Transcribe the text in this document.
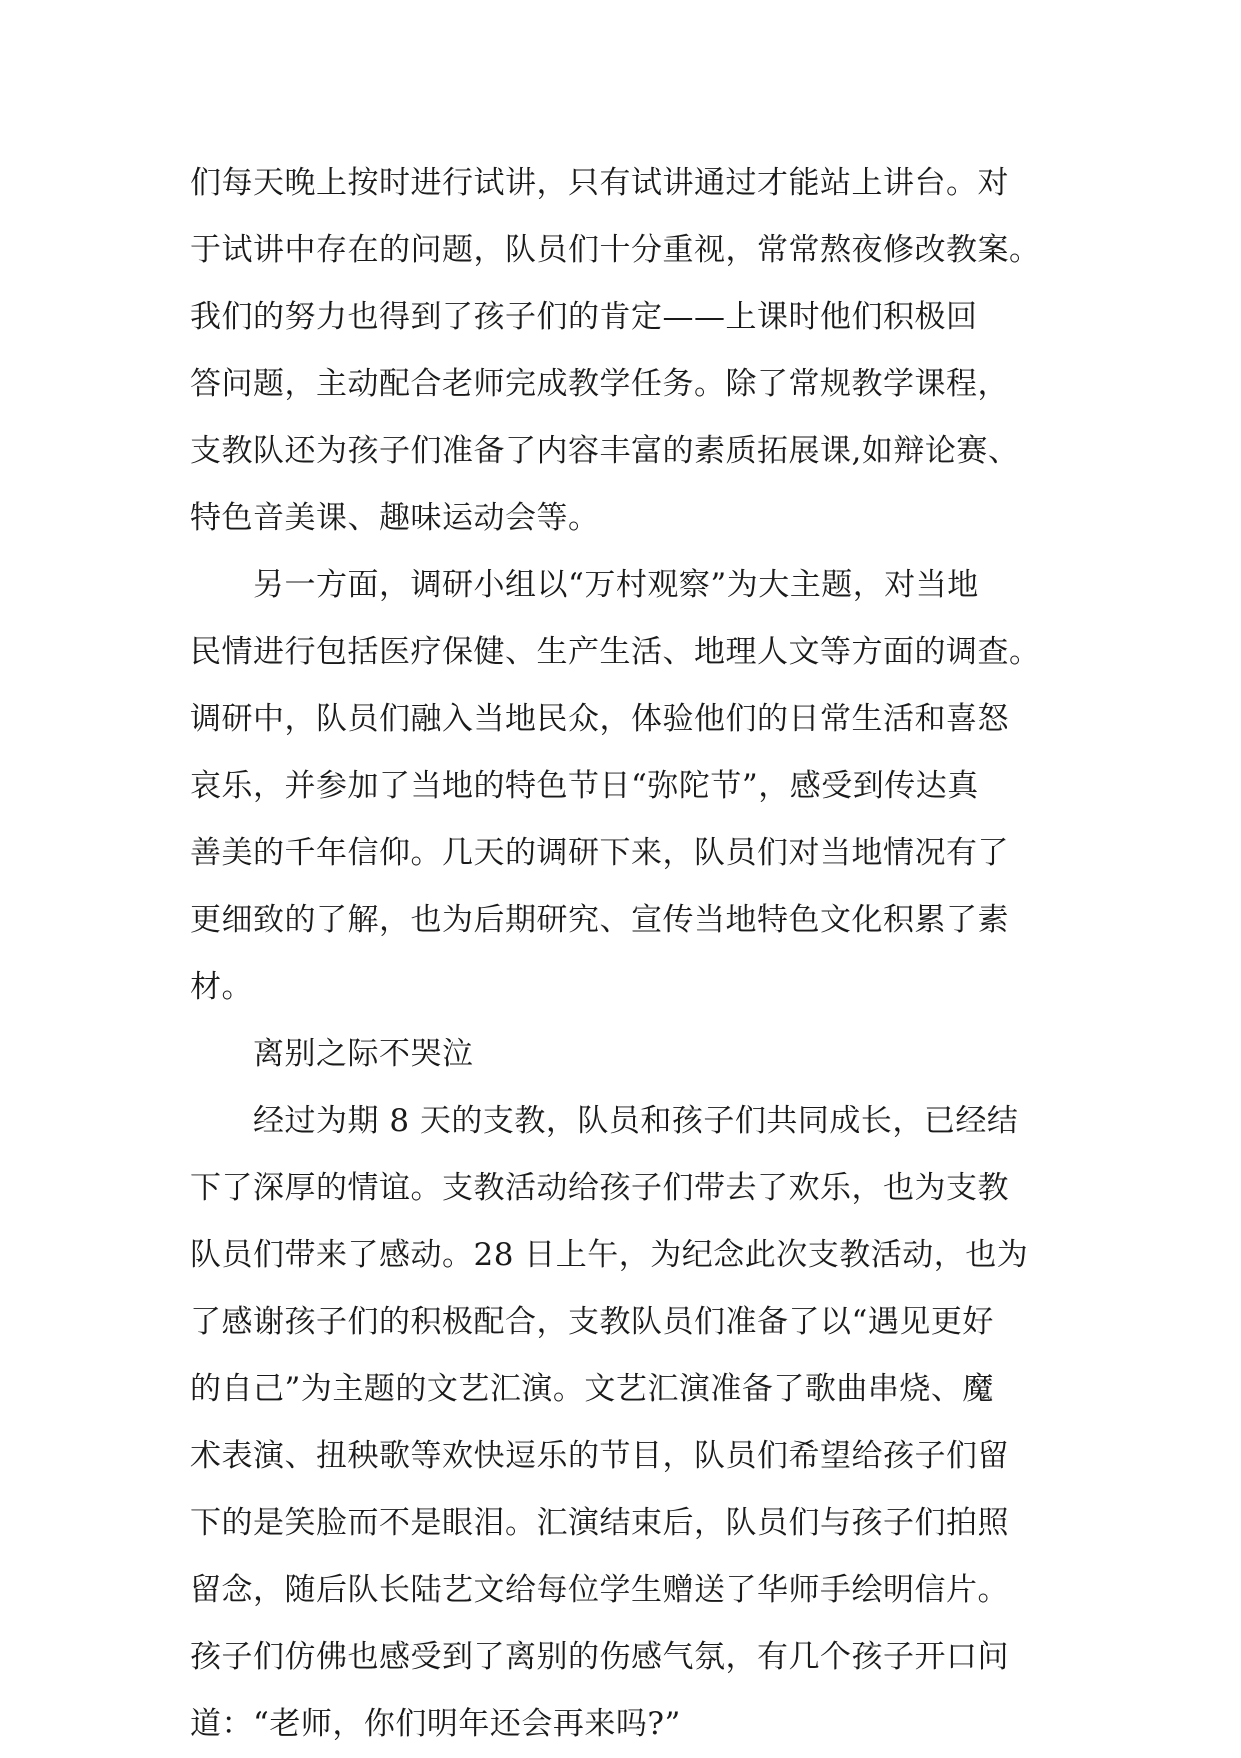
们每天晚上按时进行试讲，只有试讲通过才能站上讲台。对
于试讲中存在的问题，队员们十分重视，常常熬夜修改教案。
我们的努力也得到了孩子们的肯定——上课时他们积极回
答问题，主动配合老师完成教学任务。除了常规教学课程，
支教队还为孩子们准备了内容丰富的素质拓展课,如辩论赛、
特色音美课、趣味运动会等。
另一方面，调研小组以“万村观察”为大主题，对当地
民情进行包括医疗保健、生产生活、地理人文等方面的调查。
调研中，队员们融入当地民众，体验他们的日常生活和喜怒
哀乐，并参加了当地的特色节日“弥陀节”，感受到传达真
善美的千年信仰。几天的调研下来，队员们对当地情况有了
更细致的了解，也为后期研究、宣传当地特色文化积累了素
材。
离别之际不哭泣
经过为期 8 天的支教，队员和孩子们共同成长，已经结
下了深厚的情谊。支教活动给孩子们带去了欢乐，也为支教
队员们带来了感动。28 日上午，为纪念此次支教活动，也为
了感谢孩子们的积极配合，支教队员们准备了以“遇见更好
的自己”为主题的文艺汇演。文艺汇演准备了歌曲串烧、魔
术表演、扭秧歌等欢快逗乐的节目，队员们希望给孩子们留
下的是笑脸而不是眼泪。汇演结束后，队员们与孩子们拍照
留念，随后队长陆艺文给每位学生赠送了华师手绘明信片。
孩子们仿佛也感受到了离别的伤感气氛，有几个孩子开口问
道：“老师，你们明年还会再来吗?”
